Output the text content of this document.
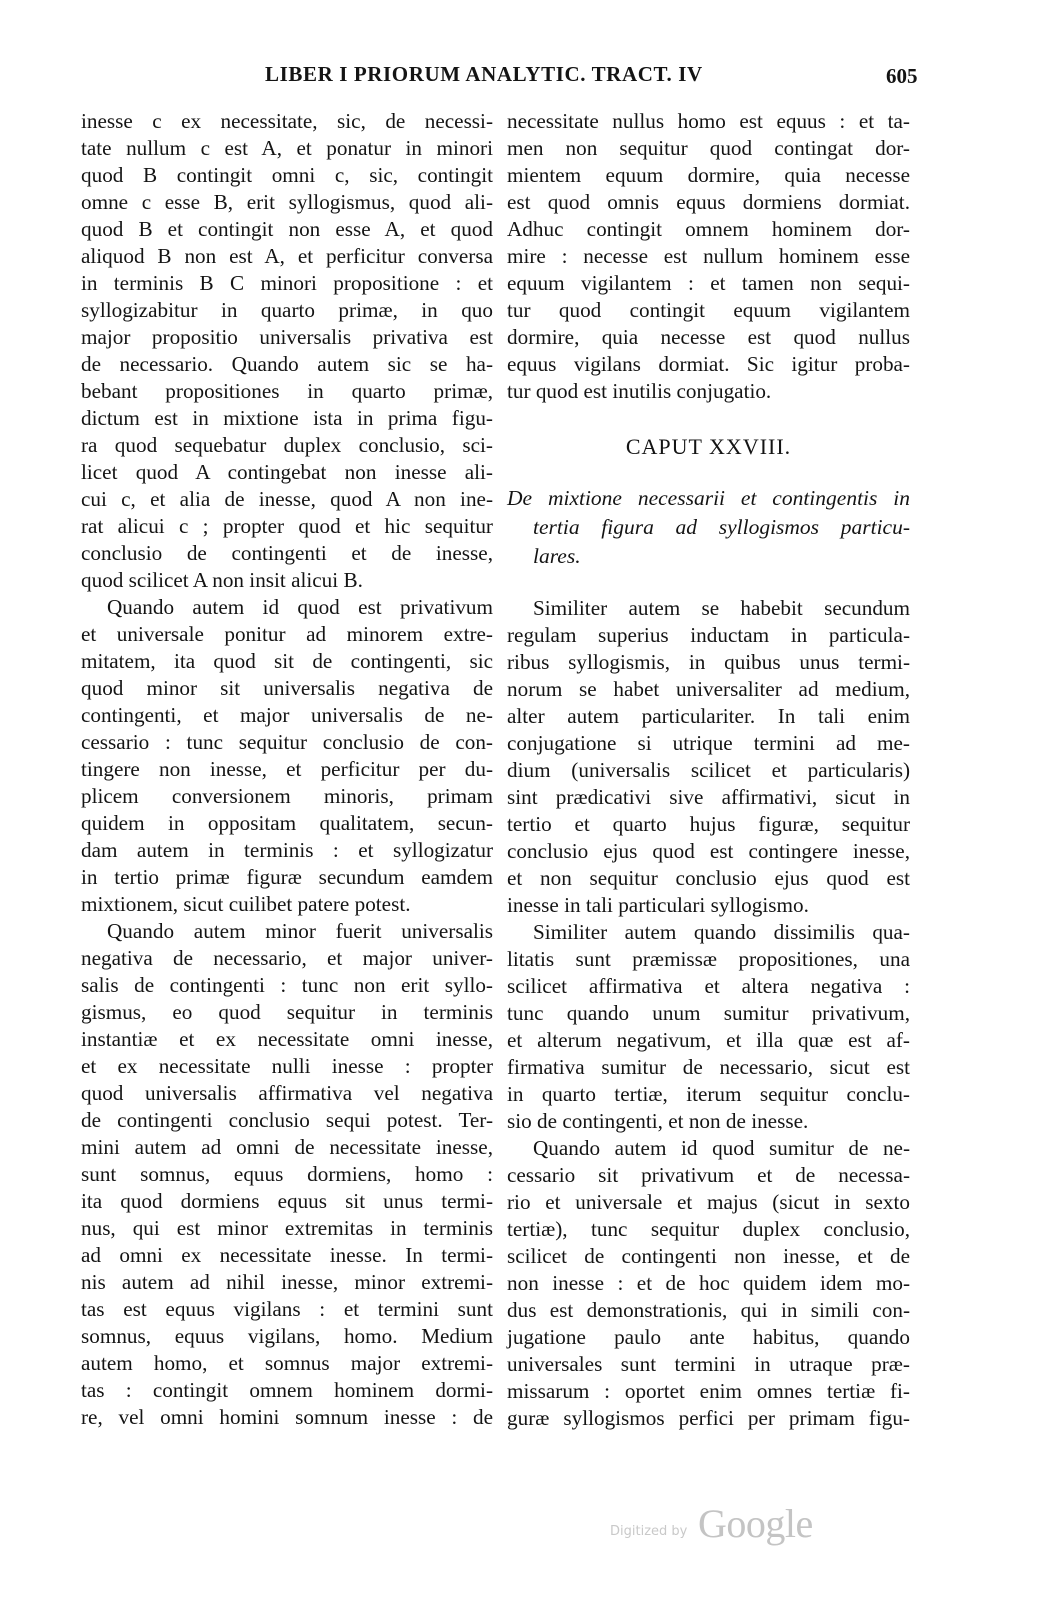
LIBER I PRIORUM ANALYTIC. TRACT. IV	605
inesse c ex necessitate, sic, de necessi-
tate nullum c est A, et ponatur in minori
quod B contingit omni c, sic, contingit
omne c esse B, erit syllogismus, quod ali-
quod B et contingit non esse A, et quod
aliquod B non est A, et perficitur conversa
in terminis B C minori propositione : et
syllogizabitur in quarto primæ, in quo
major propositio universalis privativa est
de necessario. Quando autem sic se ha-
bebant propositiones in quarto primæ,
dictum est in mixtione ista in prima figu-
ra quod sequebatur duplex conclusio, sci-
licet quod A contingebat non inesse ali-
cui c, et alia de inesse, quod A non ine-
rat alicui c ; propter quod et hic sequitur
conclusio de contingenti et de inesse,
quod scilicet A non insit alicui B.
Quando autem id quod est privativum
et universale ponitur ad minorem extre-
mitatem, ita quod sit de contingenti, sic
quod minor sit universalis negativa de
contingenti, et major universalis de ne-
cessario : tunc sequitur conclusio de con-
tingere non inesse, et perficitur per du-
plicem conversionem minoris, primam
quidem in oppositam qualitatem, secun-
dam autem in terminis : et syllogizatur
in tertio primæ figuræ secundum eamdem
mixtionem, sicut cuilibet patere potest.
Quando autem minor fuerit universalis
negativa de necessario, et major univer-
salis de contingenti : tunc non erit syllo-
gismus, eo quod sequitur in terminis
instantiæ et ex necessitate omni inesse,
et ex necessitate nulli inesse : propter
quod universalis affirmativa vel negativa
de contingenti conclusio sequi potest. Ter-
mini autem ad omni de necessitate inesse,
sunt somnus, equus dormiens, homo :
ita quod dormiens equus sit unus termi-
nus, qui est minor extremitas in terminis
ad omni ex necessitate inesse. In termi-
nis autem ad nihil inesse, minor extremi-
tas est equus vigilans : et termini sunt
somnus, equus vigilans, homo. Medium
autem homo, et somnus major extremi-
tas : contingit omnem hominem dormi-
re, vel omni homini somnum inesse : de
necessitate nullus homo est equus : et ta-
men non sequitur quod contingat dor-
mientem equum dormire, quia necesse
est quod omnis equus dormiens dormiat.
Adhuc contingit omnem hominem dor-
mire : necesse est nullum hominem esse
equum vigilantem : et tamen non sequi-
tur quod contingit equum vigilantem
dormire, quia necesse est quod nullus
equus vigilans dormiat. Sic igitur proba-
tur quod est inutilis conjugatio.
CAPUT XXVIII.
De mixtione necessarii et contingentis in
tertia figura ad syllogismos particu-
lares.
Similiter autem se habebit secundum
regulam superius inductam in particula-
ribus syllogismis, in quibus unus termi-
norum se habet universaliter ad medium,
alter autem particulariter. In tali enim
conjugatione si utrique termini ad me-
dium (universalis scilicet et particularis)
sint prædicativi sive affirmativi, sicut in
tertio et quarto hujus figuræ, sequitur
conclusio ejus quod est contingere inesse,
et non sequitur conclusio ejus quod est
inesse in tali particulari syllogismo.
Similiter autem quando dissimilis qua-
litatis sunt præmissæ propositiones, una
scilicet affirmativa et altera negativa :
tunc quando unum sumitur privativum,
et alterum negativum, et illa quæ est af-
firmativa sumitur de necessario, sicut est
in quarto tertiæ, iterum sequitur conclu-
sio de contingenti, et non de inesse.
Quando autem id quod sumitur de ne-
cessario sit privativum et de necessa-
rio et universale et majus (sicut in sexto
tertiæ), tunc sequitur duplex conclusio,
scilicet de contingenti non inesse, et de
non inesse : et de hoc quidem idem mo-
dus est demonstrationis, qui in simili con-
jugatione paulo ante habitus, quando
universales sunt termini in utraque præ-
missarum : oportet enim omnes tertiæ fi-
guræ syllogismos perfici per primam figu-
Digitized by Google
